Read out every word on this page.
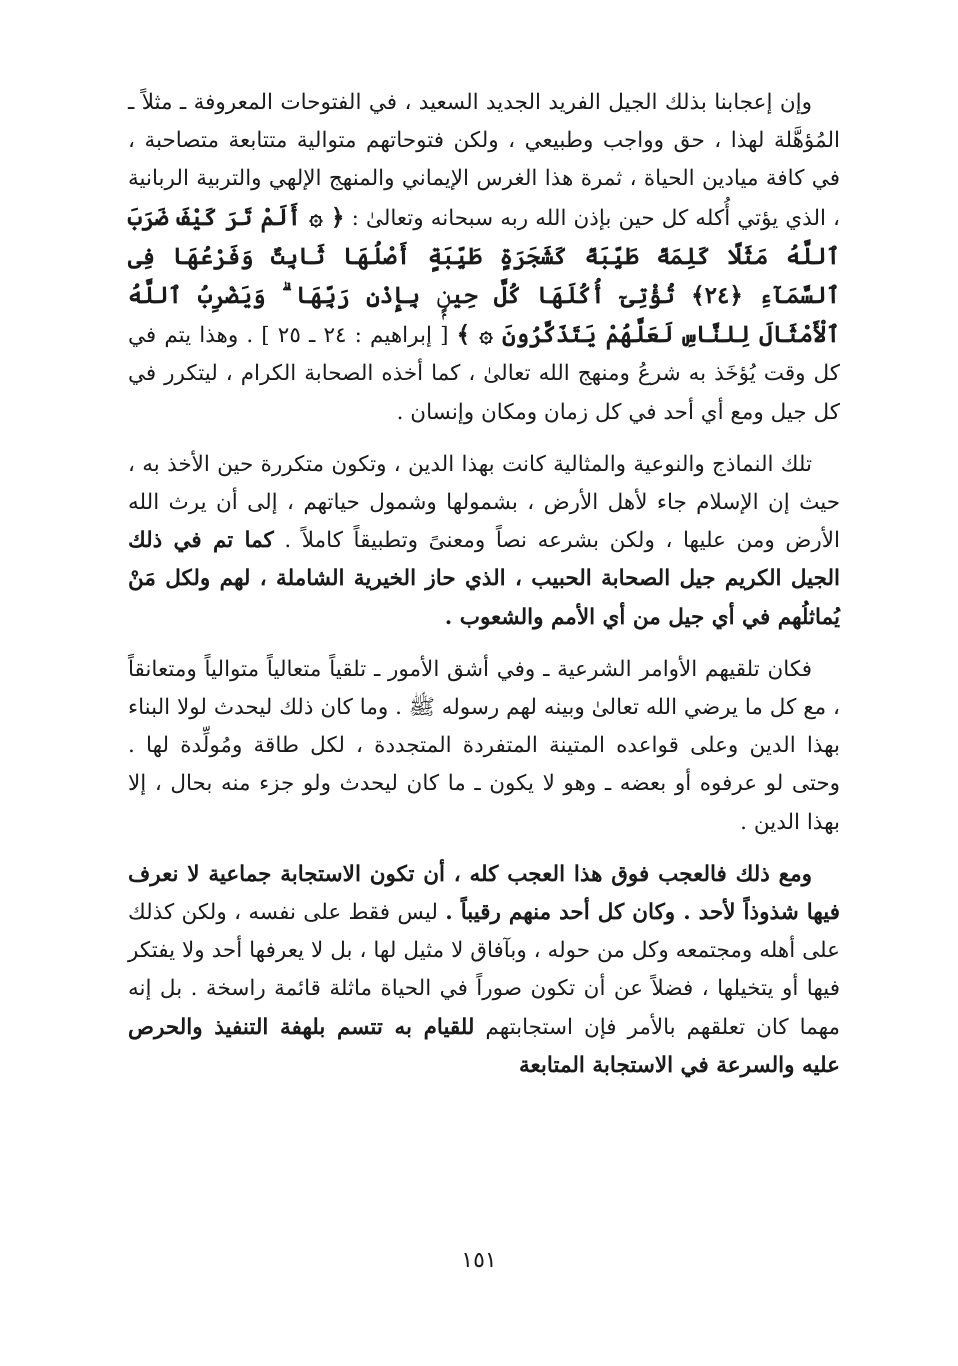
وإن إعجابنا بذلك الجيل الفريد الجديد السعيد ، في الفتوحات المعروفة ـ مثلاً ـ المُؤهَّلة لهذا ، حق وواجب وطبيعي ، ولكن فتوحاتهم متوالية متتابعة متصاحبة ، في كافة ميادين الحياة ، ثمرة هذا الغرس الإيماني والمنهج الإلهي والتربية الربانية ، الذي يؤتي أُكله كل حين بإذن الله ربه سبحانه وتعالىٰ : ﴿ ۞ أَلَمْ تَرَ كَيْفَ ضَرَبَ ٱللَّهُ مَثَلًا كَلِمَةً طَيِّبَةً كَشَجَرَةٍ طَيِّبَةٍ أَصْلُهَا ثَابِتٌ وَفَرْعُهَا فِى ٱلسَّمَآءِ ﴿٢٤﴾ تُؤْتِىٓ أُكُلَهَا كُلَّ حِينٍۭ بِإِذْنِ رَبِّهَا ۗ وَيَضْرِبُ ٱللَّهُ ٱلْأَمْثَالَ لِلنَّاسِ لَعَلَّهُمْ يَتَذَكَّرُونَ ۞ ﴾ [ إبراهيم : ٢٤ ـ ٢٥ ] . وهذا يتم في كل وقت يُؤخَذ به شرعُ ومنهج الله تعالىٰ ، كما أخذه الصحابة الكرام ، ليتكرر في كل جيل ومع أي أحد في كل زمان ومكان وإنسان .

تلك النماذج والنوعية والمثالية كانت بهذا الدين ، وتكون متكررة حين الأخذ به ، حيث إن الإسلام جاء لأهل الأرض ، بشمولها وشمول حياتهم ، إلى أن يرث الله الأرض ومن عليها ، ولكن بشرعه نصاً ومعنىً وتطبيقاً كاملاً . كما تم في ذلك الجيل الكريم جيل الصحابة الحبيب ، الذي حاز الخيرية الشاملة ، لهم ولكل مَنْ يُماثلُهم في أي جيل من أي الأمم والشعوب .

فكان تلقيهم الأوامر الشرعية ـ وفي أشق الأمور ـ تلقياً متعالياً متوالياً ومتعانقاً ، مع كل ما يرضي الله تعالىٰ وبينه لهم رسوله ﷺ . وما كان ذلك ليحدث لولا البناء بهذا الدين وعلى قواعده المتينة المتفردة المتجددة ، لكل طاقة ومُولِّدة لها . وحتى لو عرفوه أو بعضه ـ وهو لا يكون ـ ما كان ليحدث ولو جزء منه بحال ، إلا بهذا الدين .

ومع ذلك فالعجب فوق هذا العجب كله ، أن تكون الاستجابة جماعية لا نعرف فيها شذوذاً لأحد . وكان كل أحد منهم رقيباً . ليس فقط على نفسه ، ولكن كذلك على أهله ومجتمعه وكل من حوله ، وبآفاق لا مثيل لها ، بل لا يعرفها أحد ولا يفتكر فيها أو يتخيلها ، فضلاً عن أن تكون صوراً في الحياة ماثلة قائمة راسخة . بل إنه مهما كان تعلقهم بالأمر فإن استجابتهم للقيام به تتسم بلهفة التنفيذ والحرص عليه والسرعة في الاستجابة المتابعة

١٥١
